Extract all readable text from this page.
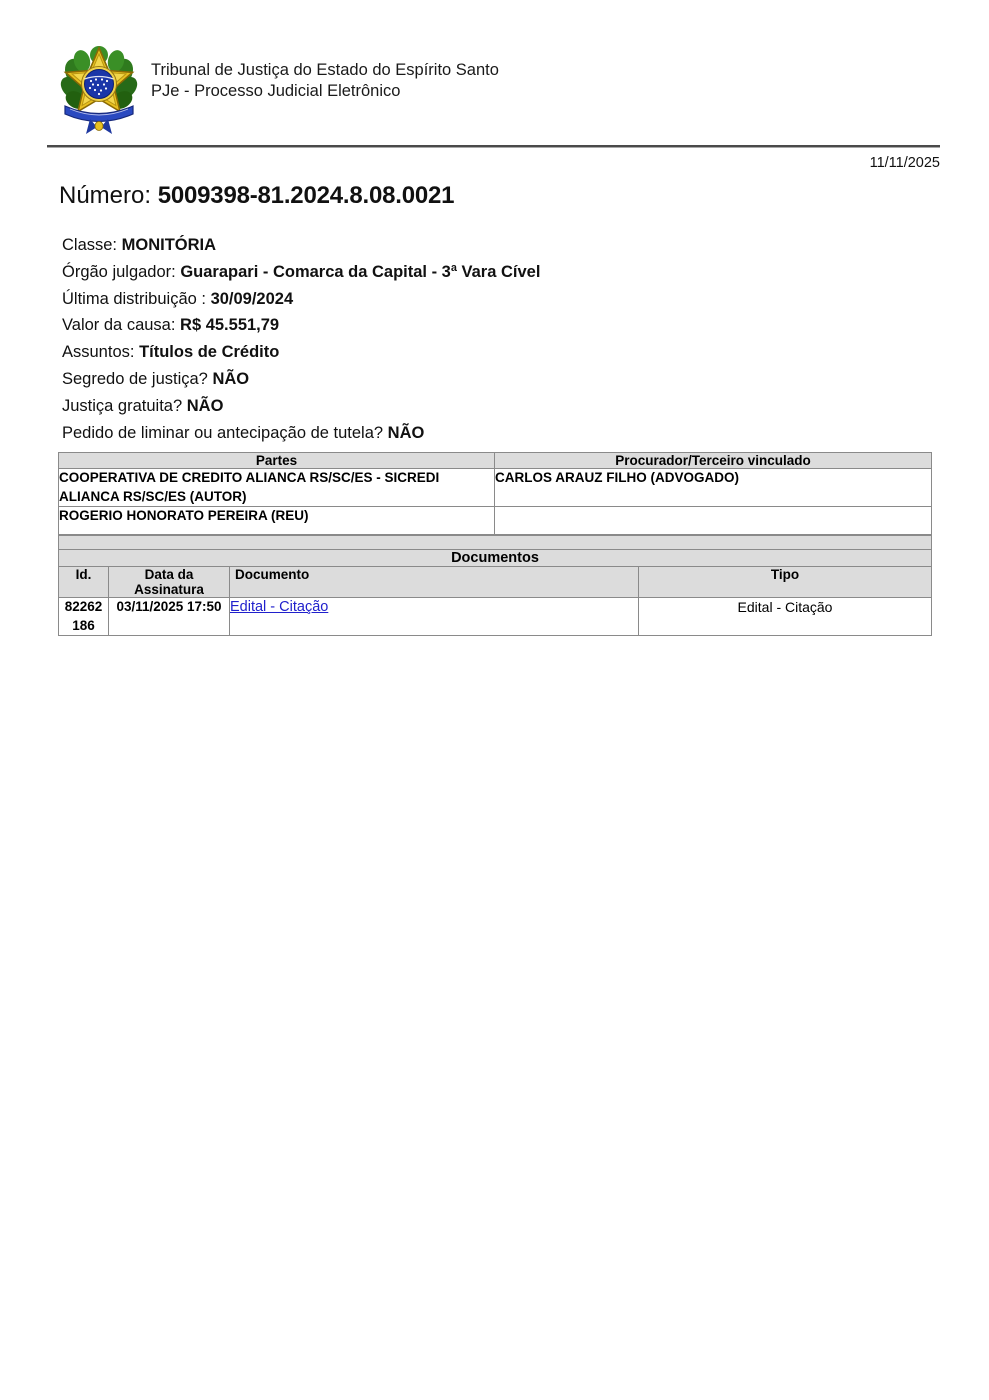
Tribunal de Justiça do Estado do Espírito Santo
PJe - Processo Judicial Eletrônico
11/11/2025
Número: 5009398-81.2024.8.08.0021
Classe: MONITÓRIA
Órgão julgador: Guarapari - Comarca da Capital - 3ª Vara Cível
Última distribuição : 30/09/2024
Valor da causa: R$ 45.551,79
Assuntos: Títulos de Crédito
Segredo de justiça? NÃO
Justiça gratuita? NÃO
Pedido de liminar ou antecipação de tutela? NÃO
Partes	Procurador/Terceiro vinculado
COOPERATIVA DE CREDITO ALIANCA RS/SC/ES - SICREDI ALIANCA RS/SC/ES (AUTOR)	CARLOS ARAUZ FILHO (ADVOGADO)
ROGERIO HONORATO PEREIRA (REU)	

Documentos			
Id.	Data da Assinatura	Documento	Tipo
82262186	03/11/2025 17:50	Edital - Citação	Edital - Citação
